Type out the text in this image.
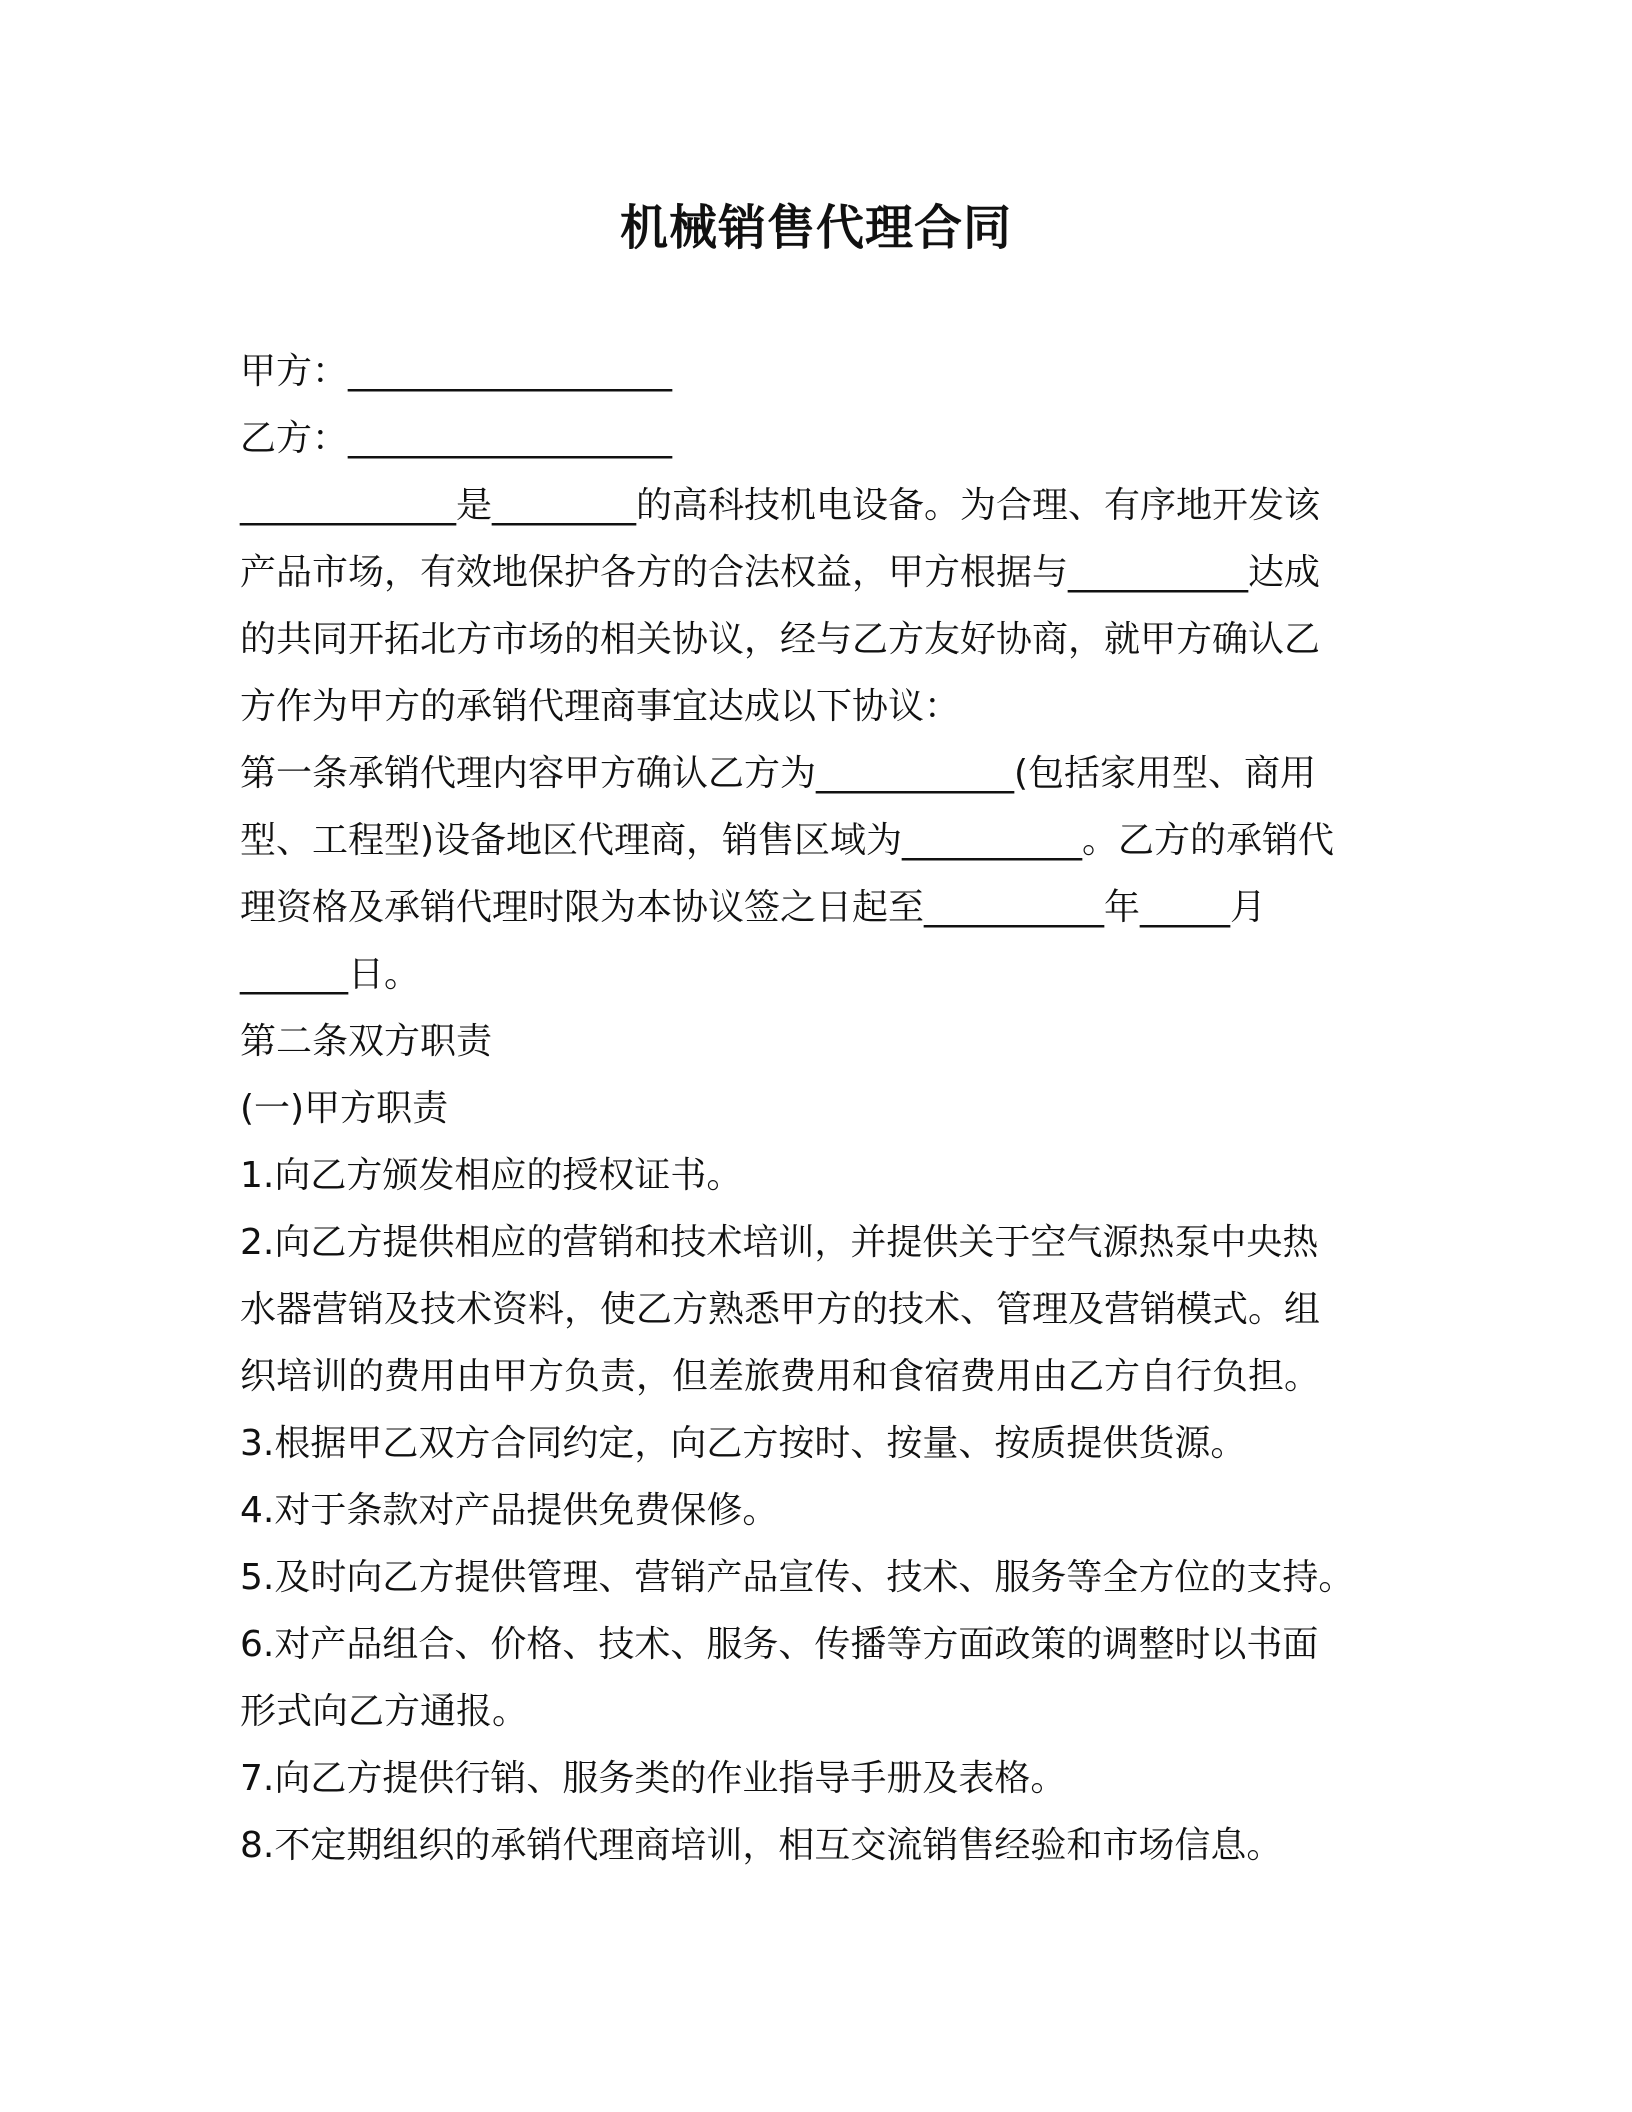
机械销售代理合同
甲方：__________________
乙方：__________________
____________是________的高科技机电设备。为合理、有序地开发该
产品市场，有效地保护各方的合法权益，甲方根据与__________达成
的共同开拓北方市场的相关协议，经与乙方友好协商，就甲方确认乙
方作为甲方的承销代理商事宜达成以下协议：
第一条承销代理内容甲方确认乙方为___________(包括家用型、商用
型、工程型)设备地区代理商，销售区域为__________。乙方的承销代
理资格及承销代理时限为本协议签之日起至__________年_____月
______日。
第二条双方职责
(一)甲方职责
1.向乙方颁发相应的授权证书。
2.向乙方提供相应的营销和技术培训，并提供关于空气源热泵中央热
水器营销及技术资料，使乙方熟悉甲方的技术、管理及营销模式。组
织培训的费用由甲方负责，但差旅费用和食宿费用由乙方自行负担。
3.根据甲乙双方合同约定，向乙方按时、按量、按质提供货源。
4.对于条款对产品提供免费保修。
5.及时向乙方提供管理、营销产品宣传、技术、服务等全方位的支持。
6.对产品组合、价格、技术、服务、传播等方面政策的调整时以书面
形式向乙方通报。
7.向乙方提供行销、服务类的作业指导手册及表格。
8.不定期组织的承销代理商培训，相互交流销售经验和市场信息。
